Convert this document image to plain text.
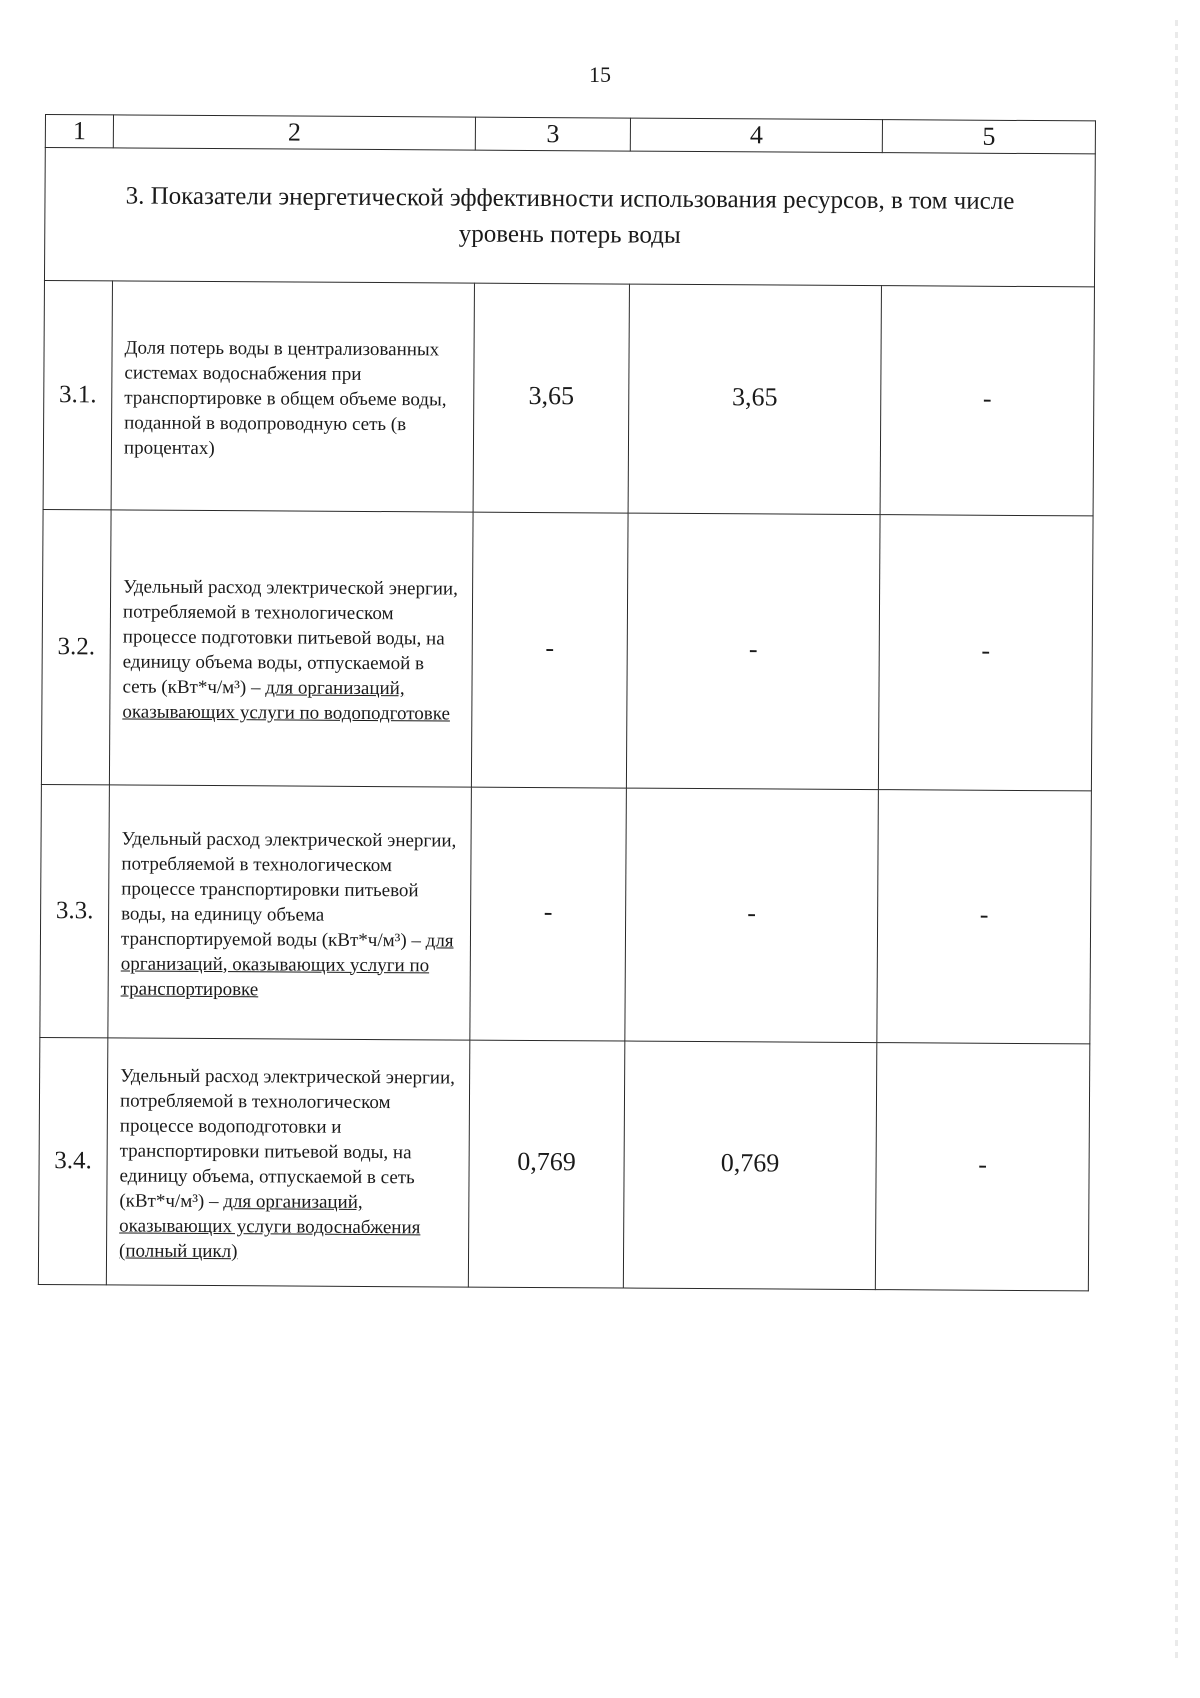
15
1	2	3	4	5
3. Показатели энергетической эффективности использования ресурсов, в том числе уровень потерь воды				
3.1.	Доля потерь воды в централизованных системах водоснабжения при транспортировке в общем объеме воды, поданной в водопроводную сеть (в процентах)	3,65	3,65	-
3.2.	Удельный расход электрической энергии, потребляемой в технологическом процессе подготовки питьевой воды, на единицу объема воды, отпускаемой в сеть (кВт*ч/м³) – для организаций, оказывающих услуги по водоподготовке	-	-	-
3.3.	Удельный расход электрической энергии, потребляемой в технологическом процессе транспортировки питьевой воды, на единицу объема транспортируемой воды (кВт*ч/м³) – для организаций, оказывающих услуги по транспортировке	-	-	-
3.4.	Удельный расход электрической энергии, потребляемой в технологическом процессе водоподготовки и транспортировки питьевой воды, на единицу объема, отпускаемой в сеть (кВт*ч/м³) – для организаций, оказывающих услуги водоснабжения (полный цикл)	0,769	0,769	-
